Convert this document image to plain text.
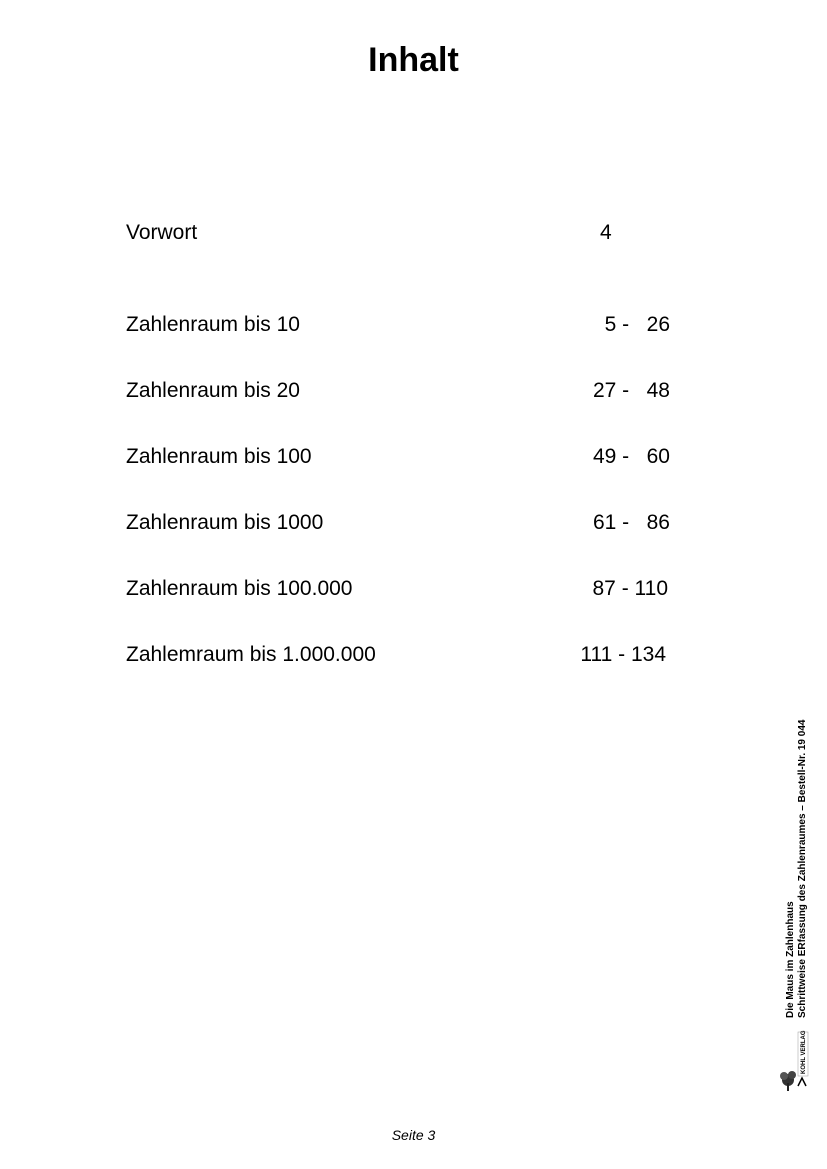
Inhalt
Vorwort	4
Zahlenraum bis 10	5 -   26
Zahlenraum bis 20	27 -   48
Zahlenraum bis 100	49 -   60
Zahlenraum bis 1000	61 -   86
Zahlenraum bis 100.000	87 - 110
Zahlemraum bis 1.000.000	111 - 134
Die Maus im Zahlenhaus Schrittweise ERfassung des Zahlenraumes – Bestell-Nr. 19 044
KOHL VERLAG
Seite 3
